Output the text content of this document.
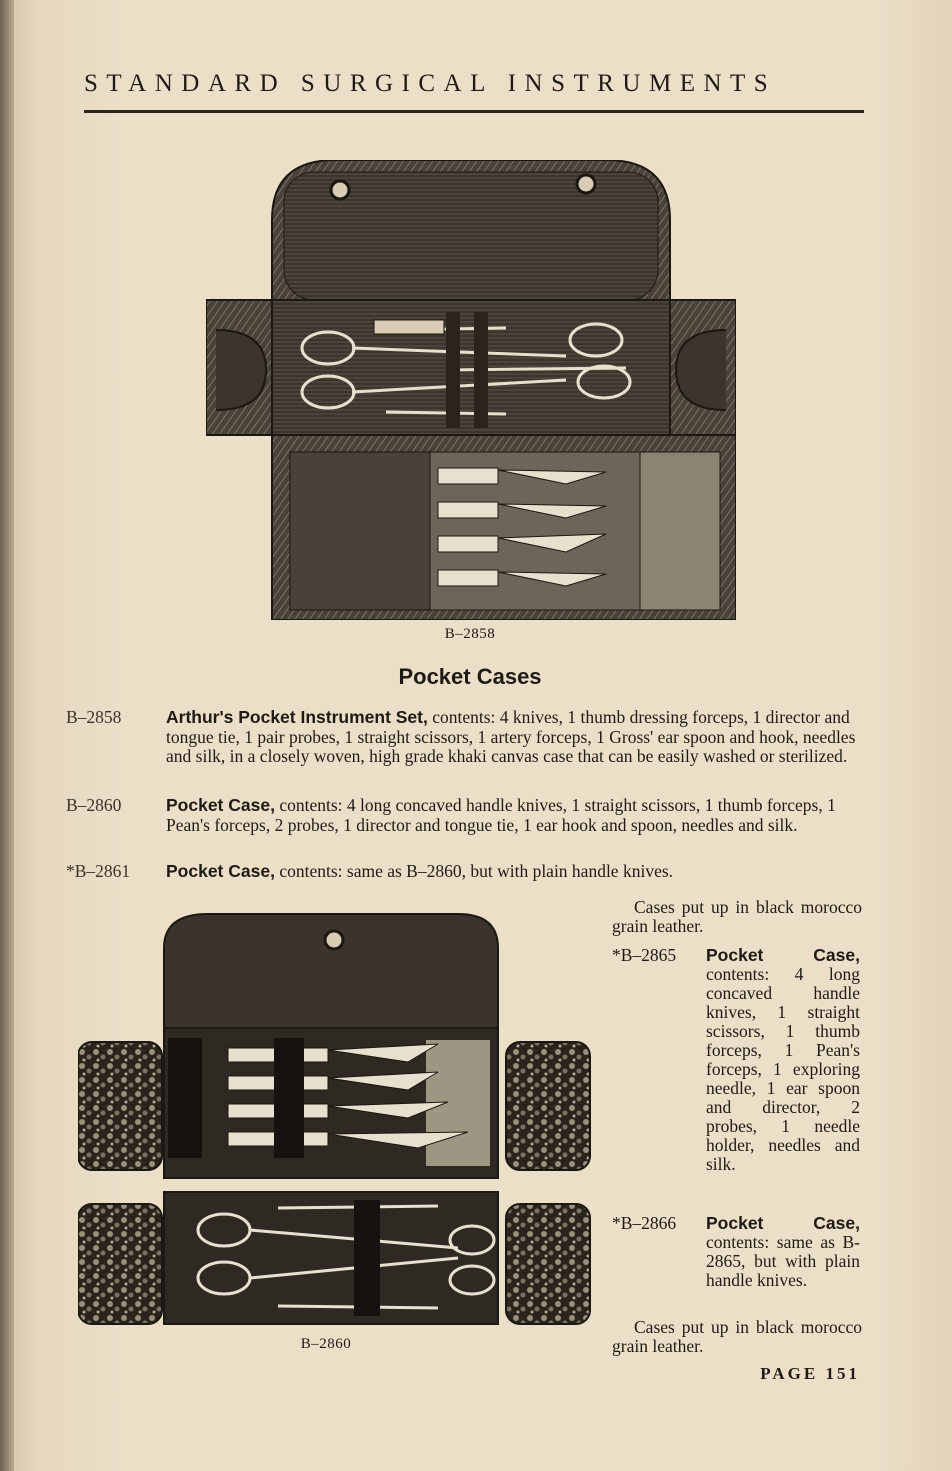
STANDARD SURGICAL INSTRUMENTS
B–2858
Pocket Cases
B–2858	Arthur's Pocket Instrument Set, contents: 4 knives, 1 thumb dressing forceps, 1 director and tongue tie, 1 pair probes, 1 straight scissors, 1 artery forceps, 1 Gross' ear spoon and hook, needles and silk, in a closely woven, high grade khaki canvas case that can be easily washed or sterilized.
B–2860	Pocket Case, contents: 4 long concaved handle knives, 1 straight scissors, 1 thumb forceps, 1 Pean's forceps, 2 probes, 1 director and tongue tie, 1 ear hook and spoon, needles and silk.
*B–2861	Pocket Case, contents: same as B–2860, but with plain handle knives.
B–2860
Cases put up in black morocco grain leather.
*B–2865 Pocket Case, contents: 4 long concaved handle knives, 1 straight scissors, 1 thumb forceps, 1 Pean's forceps, 1 exploring needle, 1 ear spoon and director, 2 probes, 1 needle holder, needles and silk.
*B–2866 Pocket Case, contents: same as B-2865, but with plain handle knives.
Cases put up in black morocco grain leather.
PAGE 151
